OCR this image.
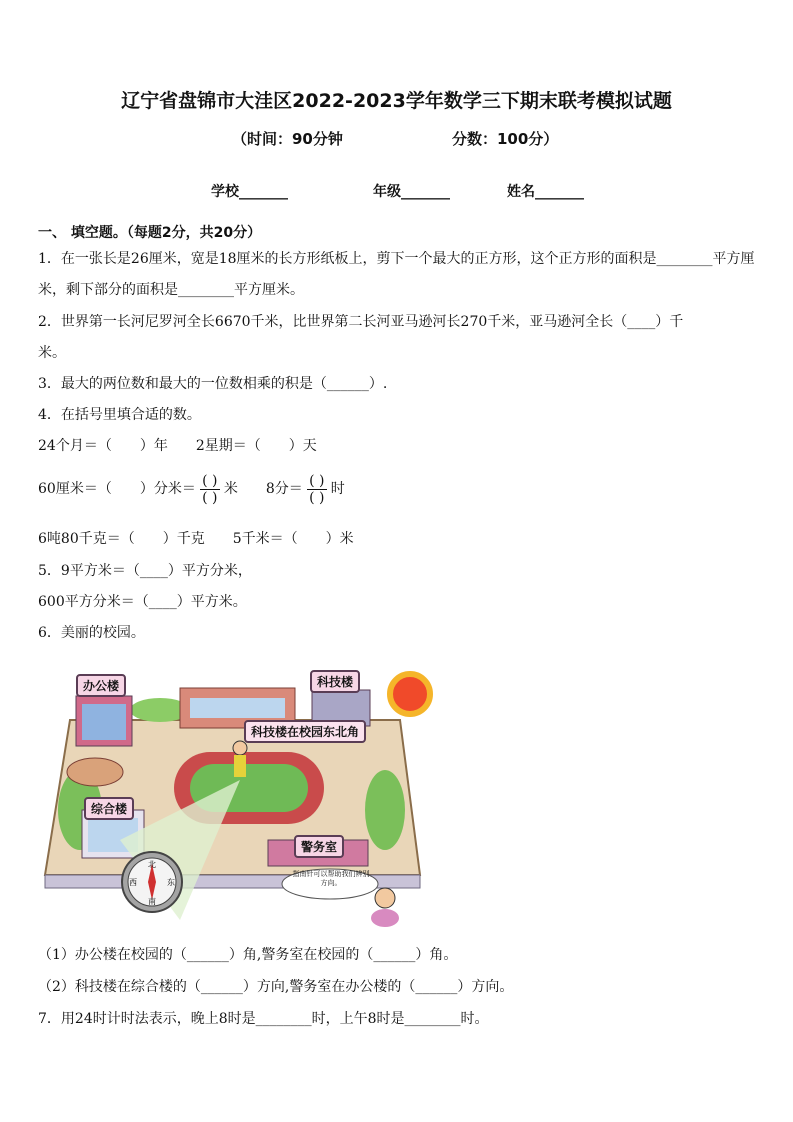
辽宁省盘锦市大洼区2022-2023学年数学三下期末联考模拟试题
（时间：90分钟	分数：100分）
学校_______	年级_______	姓名_______
一、 填空题。（每题2分，共20分）
1．在一张长是26厘米，宽是18厘米的长方形纸板上，剪下一个最大的正方形，这个正方形的面积是________平方厘
米，剩下部分的面积是________平方厘米。
2．世界第一长河尼罗河全长6670千米，比世界第二长河亚马逊河长270千米，亚马逊河全长（____）千
米。
3．最大的两位数和最大的一位数相乘的积是（______）.
4．在括号里填合适的数。
24个月＝（　　）年　　2星期＝（　　）天
60厘米＝（　　）分米＝ $\frac{( )}{( )}$ 米　　8分＝ $\frac{( )}{( )}$ 时
6吨80千克＝（　　）千克　　5千米＝（　　）米
5．9平方米＝（____）平方分米，
600平方分米＝（____）平方米。
6．美丽的校园。
北
南
东
西
办公楼	科技楼
科技楼在校园东北角
综合楼
警务室
指南针可以帮助我们辨别方向。
（1）办公楼在校园的（______）角,警务室在校园的（______）角。
（2）科技楼在综合楼的（______）方向,警务室在办公楼的（______）方向。
7．用24时计时法表示，晚上8时是________时，上午8时是________时。
